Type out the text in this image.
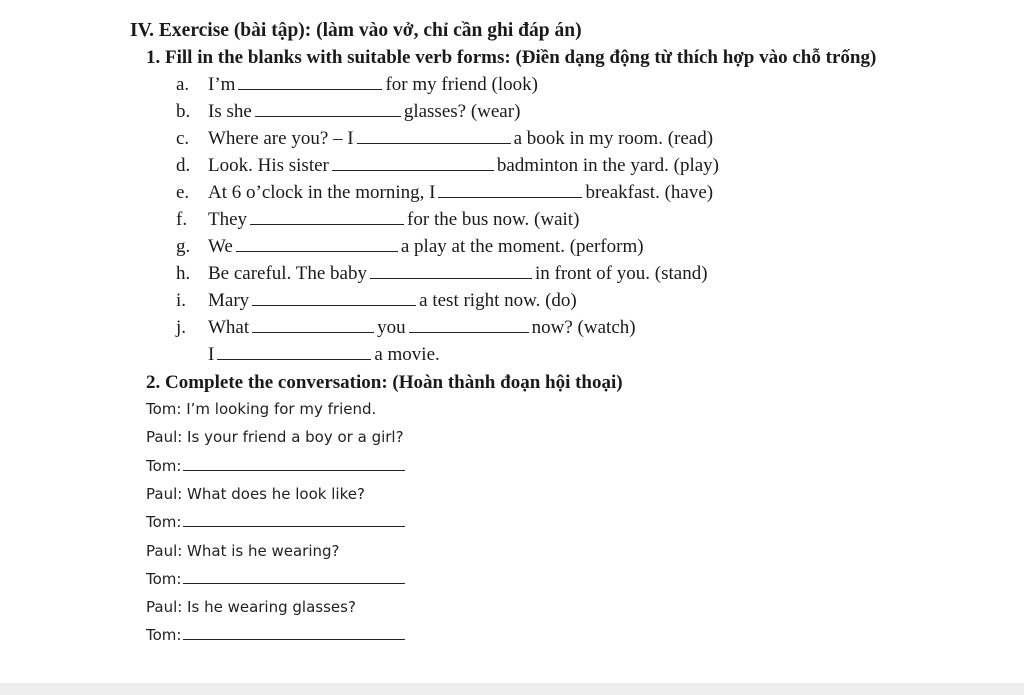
IV. Exercise (bài tập): (làm vào vở, chỉ cần ghi đáp án)
1. Fill in the blanks with suitable verb forms: (Điền dạng động từ thích hợp vào chỗ trống)
a. I’m	for my friend (look)
b. Is she	glasses? (wear)
c. Where are you? – I	a book in my room. (read)
d. Look. His sister	badminton in the yard. (play)
e. At 6 o’clock in the morning, I	breakfast. (have)
f. They	for the bus now. (wait)
g. We	a play at the moment. (perform)
h. Be careful. The baby	in front of you. (stand)
i. Mary	a test right now. (do)
j. What	you	now? (watch)
I	a movie.
2. Complete the conversation: (Hoàn thành đoạn hội thoại)
Tom: I’m looking for my friend.
Paul: Is your friend a boy or a girl?
Tom:
Paul: What does he look like?
Tom:
Paul: What is he wearing?
Tom:
Paul: Is he wearing glasses?
Tom:
